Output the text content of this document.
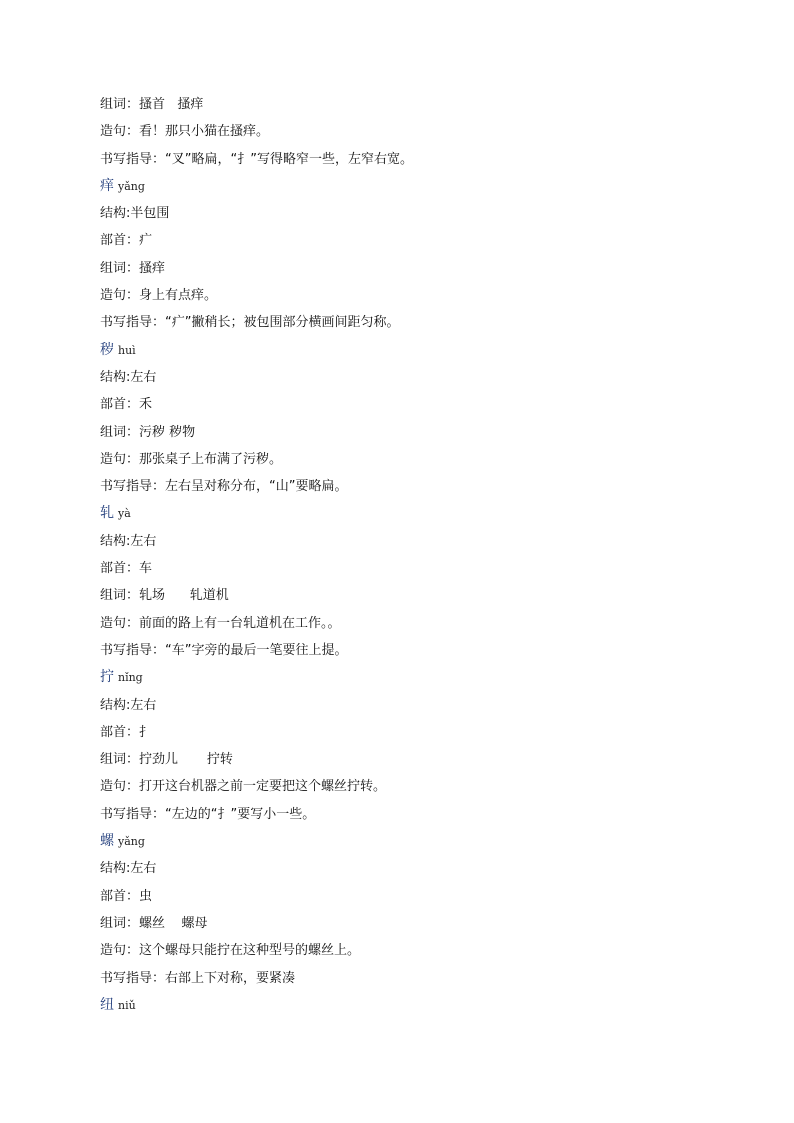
组词：搔首   搔痒
造句：看！那只小猫在搔痒。
书写指导：“叉”略扁，“扌”写得略窄一些，左窄右宽。
痒 yǎng
结构:半包围
部首：疒
组词：搔痒
造句：身上有点痒。
书写指导：“疒”撇稍长；被包围部分横画间距匀称。
秽 huì
结构:左右
部首：禾
组词：污秽 秽物
造句：那张桌子上布满了污秽。
书写指导：左右呈对称分布，“山”要略扁。
轧 yà
结构:左右
部首：车
组词：轧场      轧道机
造句：前面的路上有一台轧道机在工作。。
书写指导：“车”字旁的最后一笔要往上提。
拧 nǐng
结构:左右
部首：扌
组词：拧劲儿       拧转
造句：打开这台机器之前一定要把这个螺丝拧转。
书写指导：“左边的“扌”要写小一些。
螺 yǎng
结构:左右
部首：虫
组词：螺丝    螺母
造句：这个螺母只能拧在这种型号的螺丝上。
书写指导：右部上下对称，要紧凑
纽 niǔ
